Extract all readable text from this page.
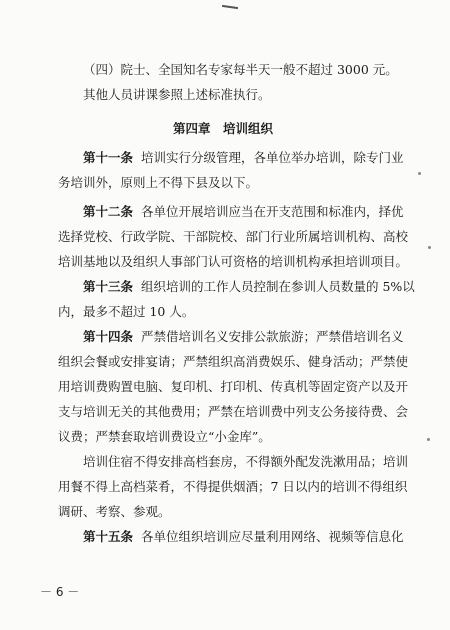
（四）院士、全国知名专家每半天一般不超过 3000 元。

其他人员讲课参照上述标准执行。

第四章　培训组织

第十一条 培训实行分级管理，各单位举办培训，除专门业

务培训外，原则上不得下县及以下。

第十二条 各单位开展培训应当在开支范围和标准内，择优

选择党校、行政学院、干部院校、部门行业所属培训机构、高校

培训基地以及组织人事部门认可资格的培训机构承担培训项目。

第十三条 组织培训的工作人员控制在参训人员数量的 5%以

内，最多不超过 10 人。

第十四条 严禁借培训名义安排公款旅游；严禁借培训名义

组织会餐或安排宴请；严禁组织高消费娱乐、健身活动；严禁使

用培训费购置电脑、复印机、打印机、传真机等固定资产以及开

支与培训无关的其他费用；严禁在培训费中列支公务接待费、会

议费；严禁套取培训费设立“小金库”。

培训住宿不得安排高档套房，不得额外配发洗漱用品；培训

用餐不得上高档菜肴，不得提供烟酒；7 日以内的培训不得组织

调研、考察、参观。

第十五条 各单位组织培训应尽量利用网络、视频等信息化

－ 6 －
